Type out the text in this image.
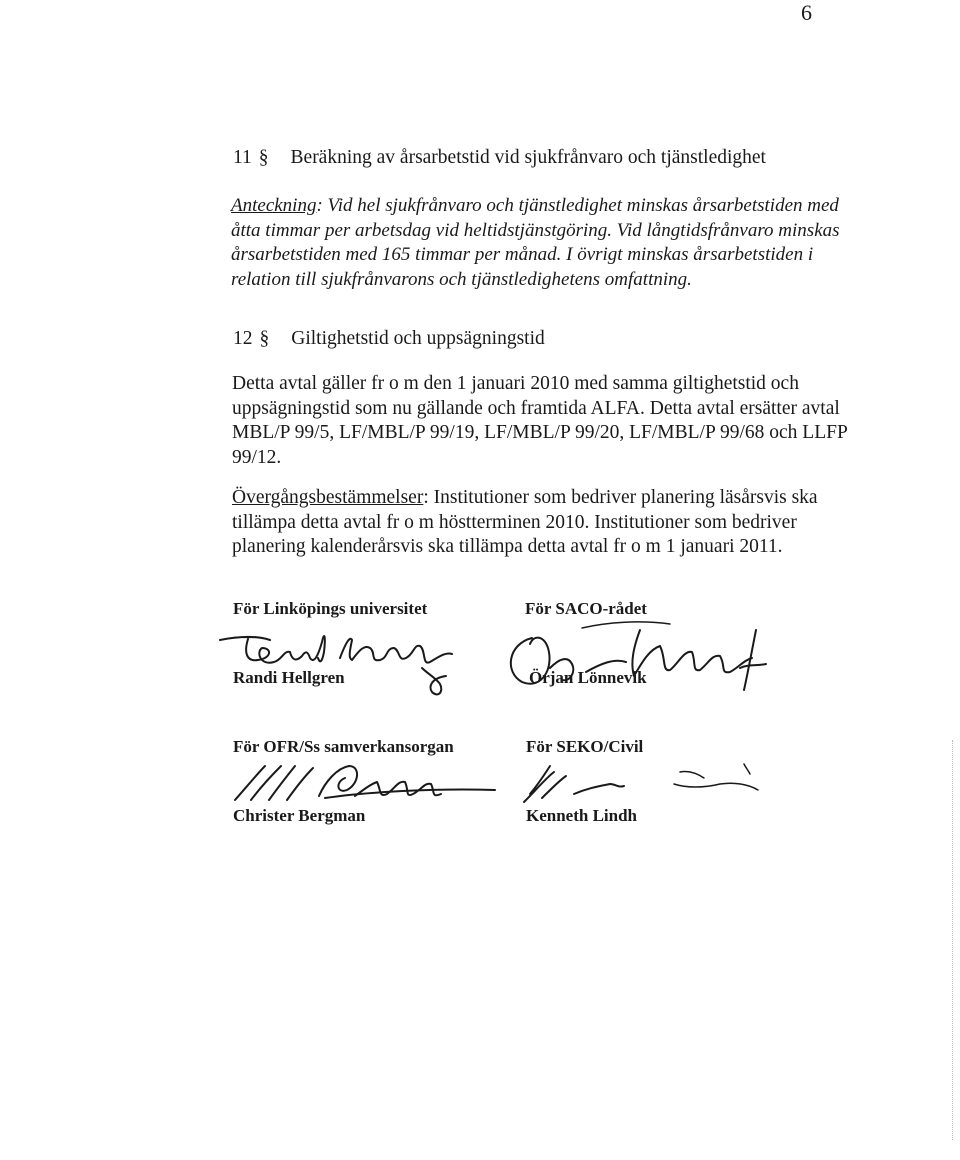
6
11 § Beräkning av årsarbetstid vid sjukfrånvaro och tjänstledighet
Anteckning: Vid hel sjukfrånvaro och tjänstledighet minskas årsarbetstiden med åtta timmar per arbetsdag vid heltidstjänstgöring. Vid långtidsfrånvaro minskas årsarbetstiden med 165 timmar per månad. I övrigt minskas årsarbetstiden i relation till sjukfrånvarons och tjänstledighetens omfattning.
12 § Giltighetstid och uppsägningstid
Detta avtal gäller fr o m den 1 januari 2010 med samma giltighetstid och uppsägningstid som nu gällande och framtida ALFA. Detta avtal ersätter avtal MBL/P 99/5, LF/MBL/P 99/19, LF/MBL/P 99/20, LF/MBL/P 99/68 och LLFP 99/12.
Övergångsbestämmelser: Institutioner som bedriver planering läsårsvis ska tillämpa detta avtal fr o m höstterminen 2010. Institutioner som bedriver planering kalenderårsvis ska tillämpa detta avtal fr o m 1 januari 2011.
För Linköpings universitet
Randi Hellgren
För SACO-rådet
Örjan Lönnevik
För OFR/Ss samverkansorgan
Christer Bergman
För SEKO/Civil
Kenneth Lindh
